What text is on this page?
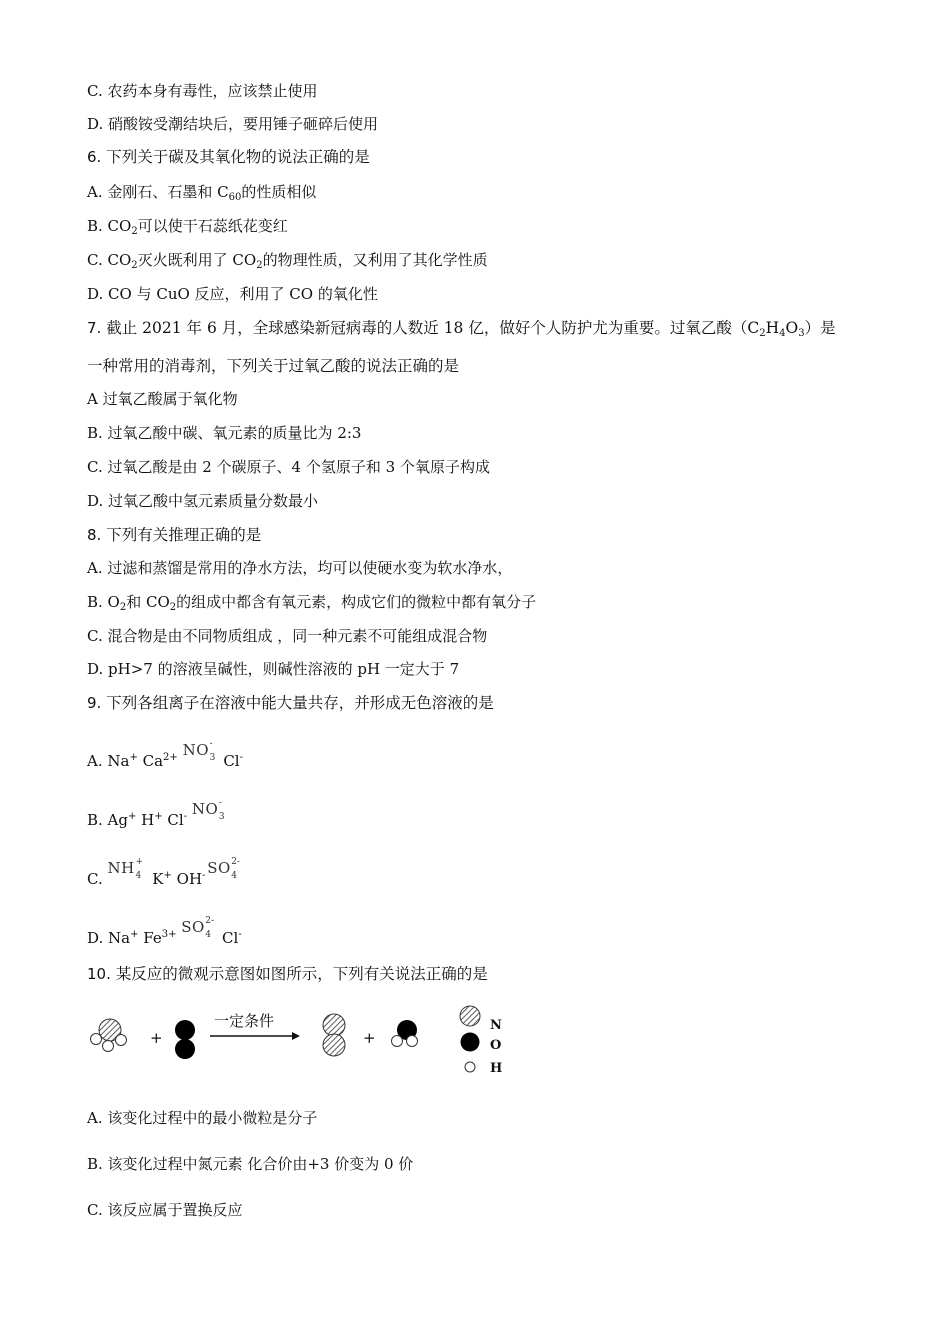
C. 农药本身有毒性，应该禁止使用
D. 硝酸铵受潮结块后，要用锤子砸碎后使用
6. 下列关于碳及其氧化物的说法正确的是
A. 金刚石、石墨和 $C_{60}$的性质相似
B. $CO_2$可以使干石蕊纸花变红
C. $CO_2$灭火既利用了 $CO_2$的物理性质，又利用了其化学性质
D. CO 与 CuO 反应，利用了 CO 的氧化性
7. 截止 2021 年 6 月，全球感染新冠病毒的人数近 18 亿，做好个人防护尤为重要。过氧乙酸$(C_2H_4O_3)$是
一种常用的消毒剂，下列关于过氧乙酸的说法正确的是
A 过氧乙酸属于氧化物
B. 过氧乙酸中碳、氧元素的质量比为 2:3
C. 过氧乙酸是由 2 个碳原子、4 个氢原子和 3 个氧原子构成
D. 过氧乙酸中氢元素质量分数最小
8. 下列有关推理正确的是
A. 过滤和蒸馏是常用的净水方法，均可以使硬水变为软水净水，
B. $O_2$和 $CO_2$的组成中都含有氧元素，构成它们的微粒中都有氧分子
C. 混合物是由不同物质组成 ，同一种元素不可能组成混合物
D. pH>7 的溶液呈碱性，则碱性溶液的 pH 一定大于 7
9. 下列各组离子在溶液中能大量共存，并形成无色溶液的是
A. Na+ $Ca^{2+}$ NO -
3 Cl-
B. Ag+ H+ Cl- NO -
3
C.
NH +
4 K+ OH- SO 2-
4
D. Na+ $Fe^{3+}$ SO 2-
4 Cl-
10. 某反应的微观示意图如图所示，下列有关说法正确的是
+
一定条件
+
N
O
H
A. 该变化过程中的最小微粒是分子
B. 该变化过程中氮元素 化合价由+3 价变为 0 价
C. 该反应属于置换反应
